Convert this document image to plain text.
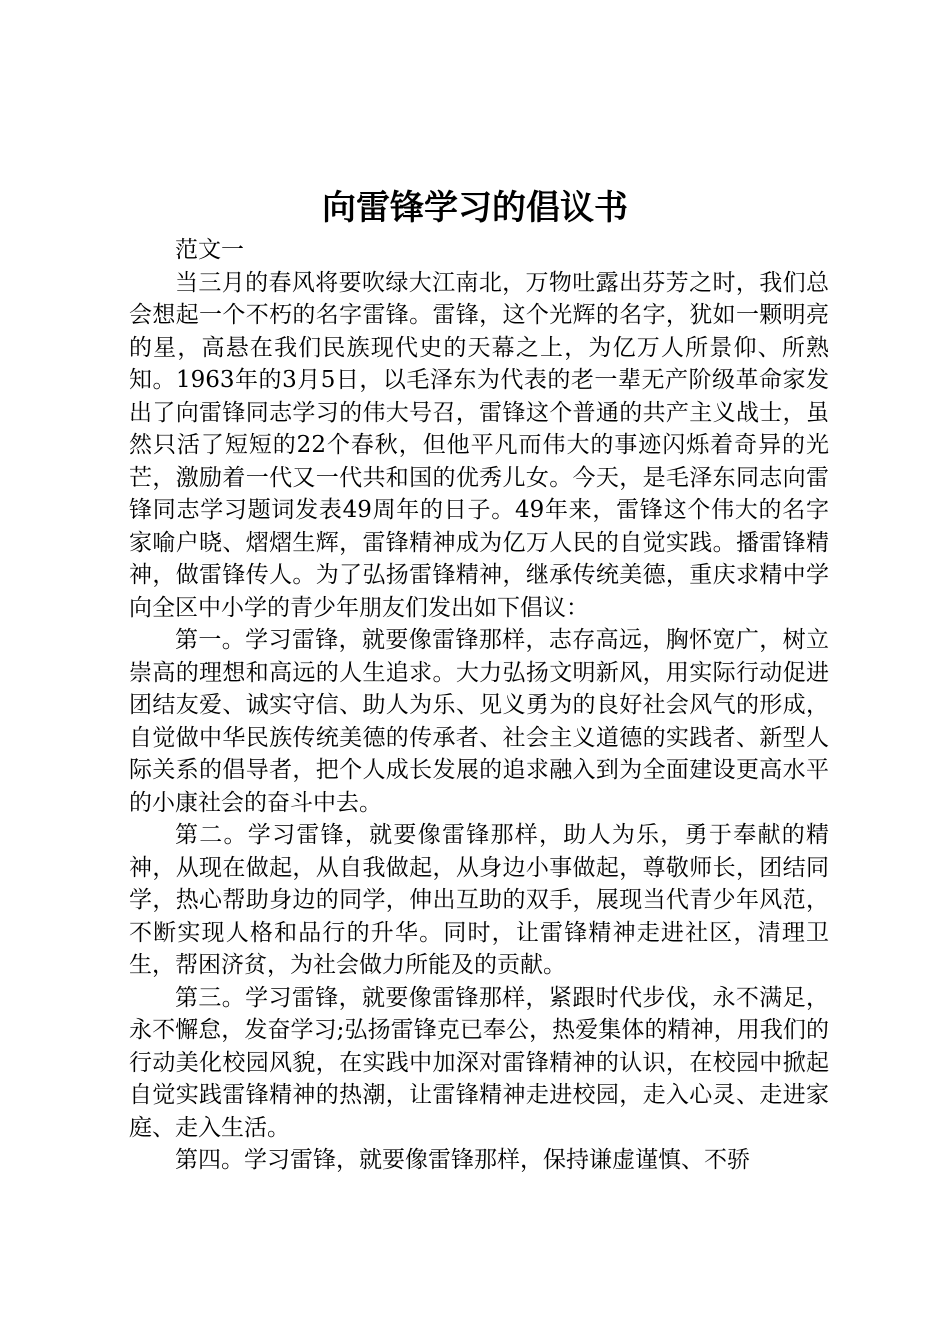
向雷锋学习的倡议书

范文一

当三月的春风将要吹绿大江南北，万物吐露出芬芳之时，我们总会想起一个不朽的名字雷锋。雷锋，这个光辉的名字，犹如一颗明亮的星，高悬在我们民族现代史的天幕之上，为亿万人所景仰、所熟知。1963年的3月5日，以毛泽东为代表的老一辈无产阶级革命家发出了向雷锋同志学习的伟大号召，雷锋这个普通的共产主义战士，虽然只活了短短的22个春秋，但他平凡而伟大的事迹闪烁着奇异的光芒，激励着一代又一代共和国的优秀儿女。今天，是毛泽东同志向雷锋同志学习题词发表49周年的日子。49年来，雷锋这个伟大的名字家喻户晓、熠熠生辉，雷锋精神成为亿万人民的自觉实践。播雷锋精神，做雷锋传人。为了弘扬雷锋精神，继承传统美德，重庆求精中学向全区中小学的青少年朋友们发出如下倡议：

第一。学习雷锋，就要像雷锋那样，志存高远，胸怀宽广，树立崇高的理想和高远的人生追求。大力弘扬文明新风，用实际行动促进团结友爱、诚实守信、助人为乐、见义勇为的良好社会风气的形成，自觉做中华民族传统美德的传承者、社会主义道德的实践者、新型人际关系的倡导者，把个人成长发展的追求融入到为全面建设更高水平的小康社会的奋斗中去。

第二。学习雷锋，就要像雷锋那样，助人为乐，勇于奉献的精神，从现在做起，从自我做起，从身边小事做起，尊敬师长，团结同学，热心帮助身边的同学，伸出互助的双手，展现当代青少年风范，不断实现人格和品行的升华。同时，让雷锋精神走进社区，清理卫生，帮困济贫，为社会做力所能及的贡献。

第三。学习雷锋，就要像雷锋那样，紧跟时代步伐，永不满足，永不懈怠，发奋学习;弘扬雷锋克已奉公，热爱集体的精神，用我们的行动美化校园风貌，在实践中加深对雷锋精神的认识，在校园中掀起自觉实践雷锋精神的热潮，让雷锋精神走进校园，走入心灵、走进家庭、走入生活。

第四。学习雷锋，就要像雷锋那样，保持谦虚谨慎、不骄
